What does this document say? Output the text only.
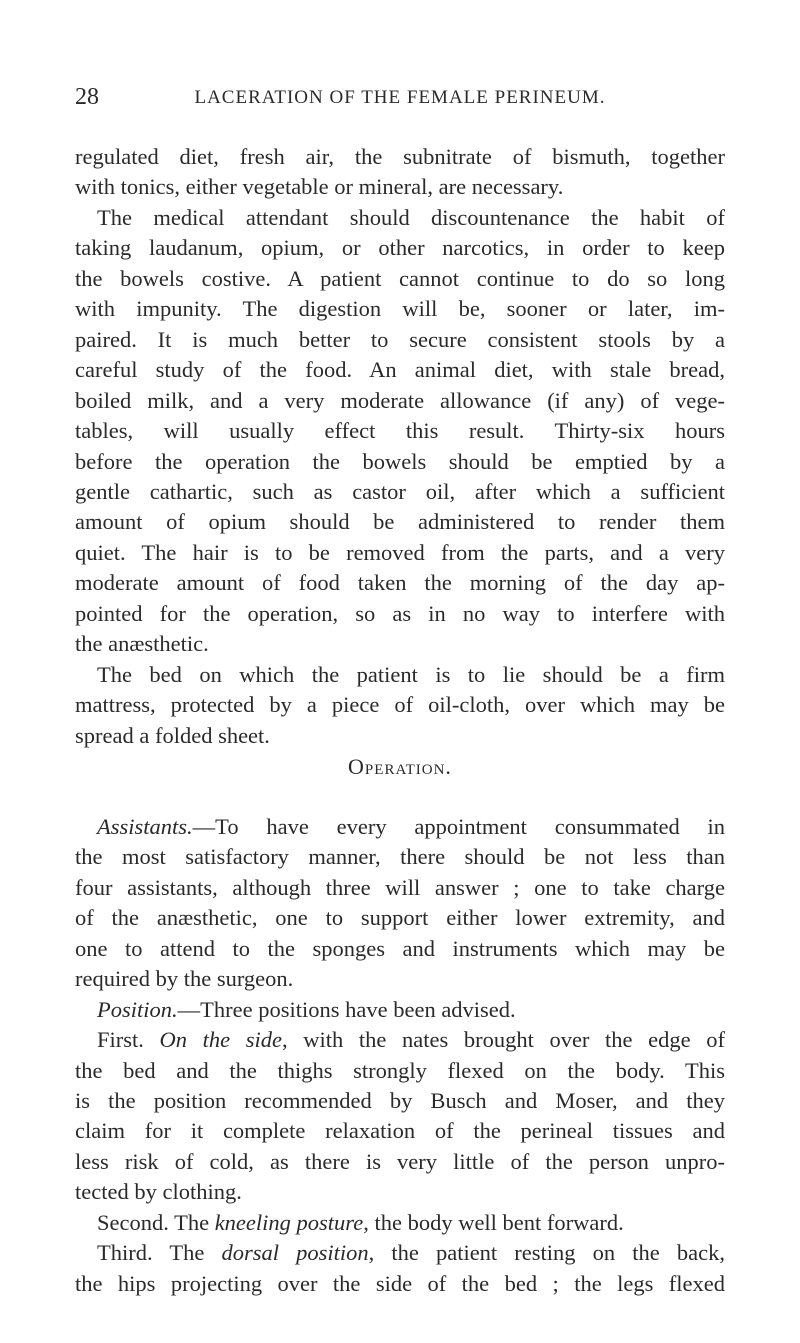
28	LACERATION OF THE FEMALE PERINEUM.
Operation.
regulated diet, fresh air, the subnitrate of bismuth, together
with tonics, either vegetable or mineral, are necessary.
The medical attendant should discountenance the habit of
taking laudanum, opium, or other narcotics, in order to keep
the bowels costive. A patient cannot continue to do so long
with impunity. The digestion will be, sooner or later, im-
paired. It is much better to secure consistent stools by a
careful study of the food. An animal diet, with stale bread,
boiled milk, and a very moderate allowance (if any) of vege-
tables, will usually effect this result. Thirty-six hours
before the operation the bowels should be emptied by a
gentle cathartic, such as castor oil, after which a sufficient
amount of opium should be administered to render them
quiet. The hair is to be removed from the parts, and a very
moderate amount of food taken the morning of the day ap-
pointed for the operation, so as in no way to interfere with
the anæsthetic.
The bed on which the patient is to lie should be a firm
mattress, protected by a piece of oil-cloth, over which may be
spread a folded sheet.
Assistants.—To have every appointment consummated in
the most satisfactory manner, there should be not less than
four assistants, although three will answer ; one to take charge
of the anæsthetic, one to support either lower extremity, and
one to attend to the sponges and instruments which may be
required by the surgeon.
Position.—Three positions have been advised.
First. On the side, with the nates brought over the edge of
the bed and the thighs strongly flexed on the body. This
is the position recommended by Busch and Moser, and they
claim for it complete relaxation of the perineal tissues and
less risk of cold, as there is very little of the person unpro-
tected by clothing.
Second. The kneeling posture, the body well bent forward.
Third. The dorsal position, the patient resting on the back,
the hips projecting over the side of the bed ; the legs flexed
